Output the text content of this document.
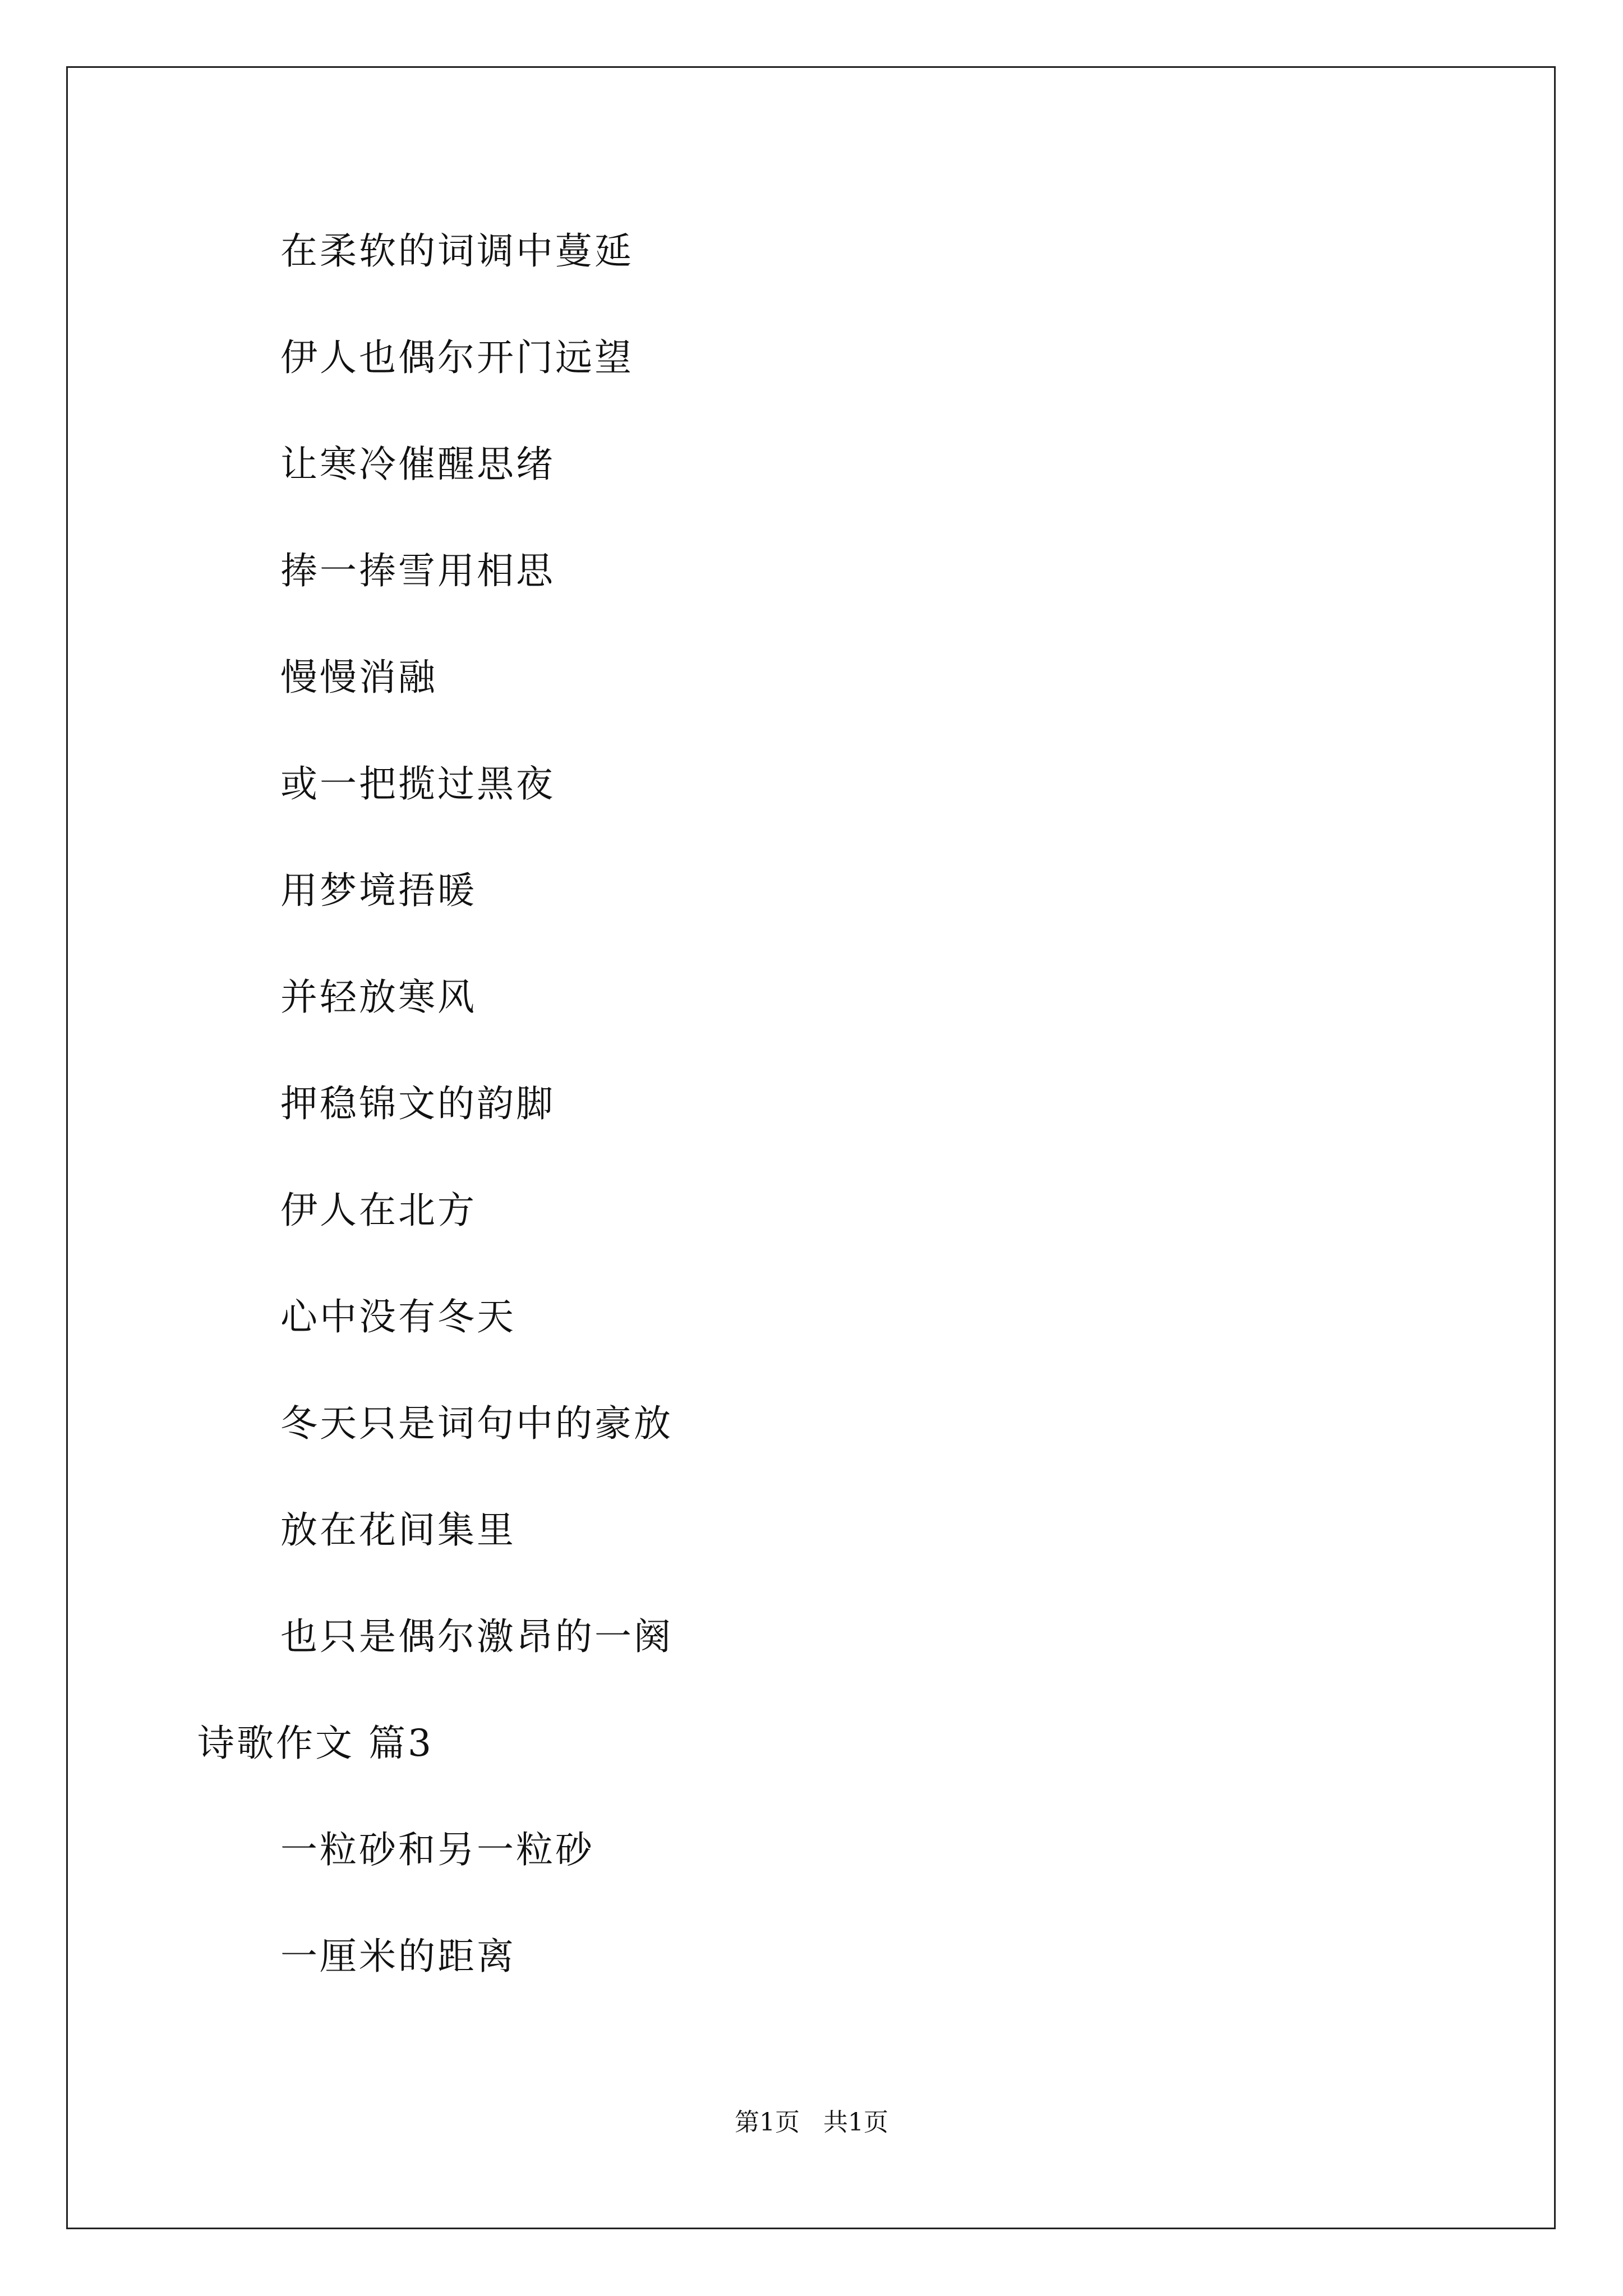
在柔软的词调中蔓延
伊人也偶尔开门远望
让寒冷催醒思绪
捧一捧雪用相思
慢慢消融
或一把揽过黑夜
用梦境捂暖
并轻放寒风
押稳锦文的韵脚
伊人在北方
心中没有冬天
冬天只是词句中的豪放
放在花间集里
也只是偶尔激昂的一阕
诗歌作文 篇3
一粒砂和另一粒砂
一厘米的距离
第1页   共1页
